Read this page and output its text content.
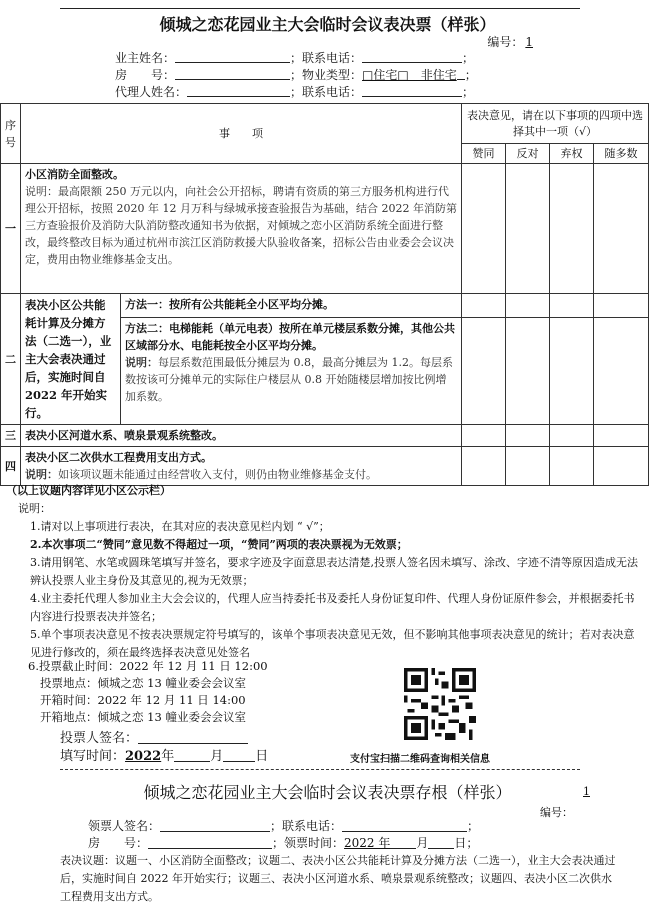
倾城之恋花园业主大会临时会议表决票（样张）
编号： 1
业主姓名：	；联系电话：	；
房　　号：	；物业类型：□住宅□　非住宅 ；
代理人姓名：	；联系电话：	；
序号	事　　项		表决意见，请在以下事项的四项中选择其中一项（√）			
			赞同	反对	弃权	随多数
一	小区消防全面整改。
说明：最高限额 250 万元以内，向社会公开招标，聘请有资质的第三方服务机构进行代理公开招标，按照 2020 年 12 月万科与绿城承接查验报告为基础，结合 2022 年消防第三方查验报价及消防大队消防整改通知书为依据，对倾城之恋小区消防系统全面进行整改，最终整改目标为通过杭州市滨江区消防救援大队验收备案，招标公告由业委会会议决定，费用由物业维修基金支出。					

二	表决小区公共能耗计算及分摊方法（二选一），业主大会表决通过后，实施时间自 2022 年开始实行。	方法一：按所有公共能耗全小区平均分摊。				

		方法二：电梯能耗（单元电表）按所在单元楼层系数分摊，其他公共区域部分水、电能耗按全小区平均分摊。
说明：每层系数范围最低分摊层为 0.8，最高分摊层为 1.2。每层系数按该可分摊单元的实际住户楼层从 0.8 开始随楼层增加按比例增加系数。				

三	表决小区河道水系、喷泉景观系统整改。					
四	表决小区二次供水工程费用支出方式。
说明：如该项议题未能通过由经营收入支付，则仍由物业维修基金支付。					

（以上议题内容详见小区公示栏）

说明：

1.请对以上事项进行表决，在其对应的表决意见栏内划 “ √”；

2.本次事项二“赞同”意见数不得超过一项，“赞同”两项的表决票视为无效票；

3.请用钢笔、水笔或圆珠笔填写并签名，要求字迹及字面意思表达清楚,投票人签名因未填写、涂改、字迹不清等原因造成无法辨认投票人业主身份及其意见的,视为无效票；

4.业主委托代理人参加业主大会会议的，代理人应当持委托书及委托人身份证复印件、代理人身份证原件参会，并根据委托书内容进行投票表决并签名；

5.单个事项表决意见不按表决票规定符号填写的，该单个事项表决意见无效，但不影响其他事项表决意见的统计；若对表决意见进行修改的，须在最终选择表决意见处签名

6.投票截止时间：2022 年 12 月 11 日 12:00
投票地点：倾城之恋 13 幢业委会会议室
开箱时间：2022 年 12 月 11 日 14:00
开箱地点：倾城之恋 13 幢业委会会议室
投票人签名：
填写时间：2022年	月 日	支付宝扫描二维码查询相关信息
倾城之恋花园业主大会临时会议表决票存根（样张）	1
编号：
领票人签名：	；联系电话：	；
房　　号：	；领票时间：2022 年 月 日；
表决议题：议题一、小区消防全面整改；议题二、表决小区公共能耗计算及分摊方法（二选一），业主大会表决通过后，实施时间自 2022 年开始实行；议题三、表决小区河道水系、喷泉景观系统整改；议题四、表决小区二次供水工程费用支出方式。
